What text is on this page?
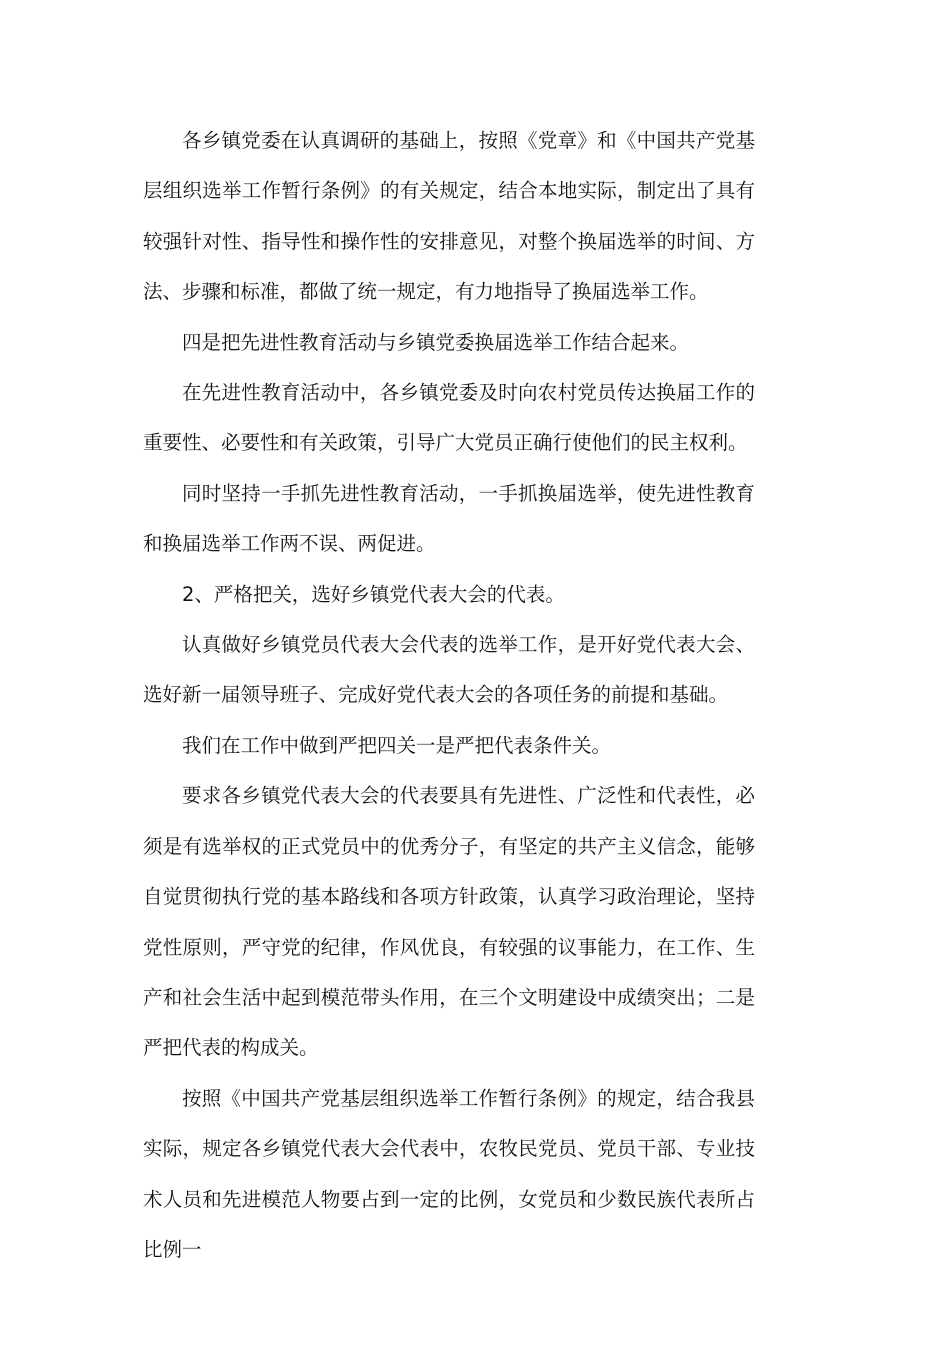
各乡镇党委在认真调研的基础上，按照《党章》和《中国共产党基层组织选举工作暂行条例》的有关规定，结合本地实际，制定出了具有较强针对性、指导性和操作性的安排意见，对整个换届选举的时间、方法、步骤和标准，都做了统一规定，有力地指导了换届选举工作。

四是把先进性教育活动与乡镇党委换届选举工作结合起来。

在先进性教育活动中，各乡镇党委及时向农村党员传达换届工作的重要性、必要性和有关政策，引导广大党员正确行使他们的民主权利。

同时坚持一手抓先进性教育活动，一手抓换届选举，使先进性教育和换届选举工作两不误、两促进。

2、严格把关，选好乡镇党代表大会的代表。

认真做好乡镇党员代表大会代表的选举工作，是开好党代表大会、选好新一届领导班子、完成好党代表大会的各项任务的前提和基础。

我们在工作中做到严把四关一是严把代表条件关。

要求各乡镇党代表大会的代表要具有先进性、广泛性和代表性，必须是有选举权的正式党员中的优秀分子，有坚定的共产主义信念，能够自觉贯彻执行党的基本路线和各项方针政策，认真学习政治理论，坚持党性原则，严守党的纪律，作风优良，有较强的议事能力，在工作、生产和社会生活中起到模范带头作用，在三个文明建设中成绩突出；二是严把代表的构成关。

按照《中国共产党基层组织选举工作暂行条例》的规定，结合我县实际，规定各乡镇党代表大会代表中，农牧民党员、党员干部、专业技术人员和先进模范人物要占到一定的比例，女党员和少数民族代表所占比例一
